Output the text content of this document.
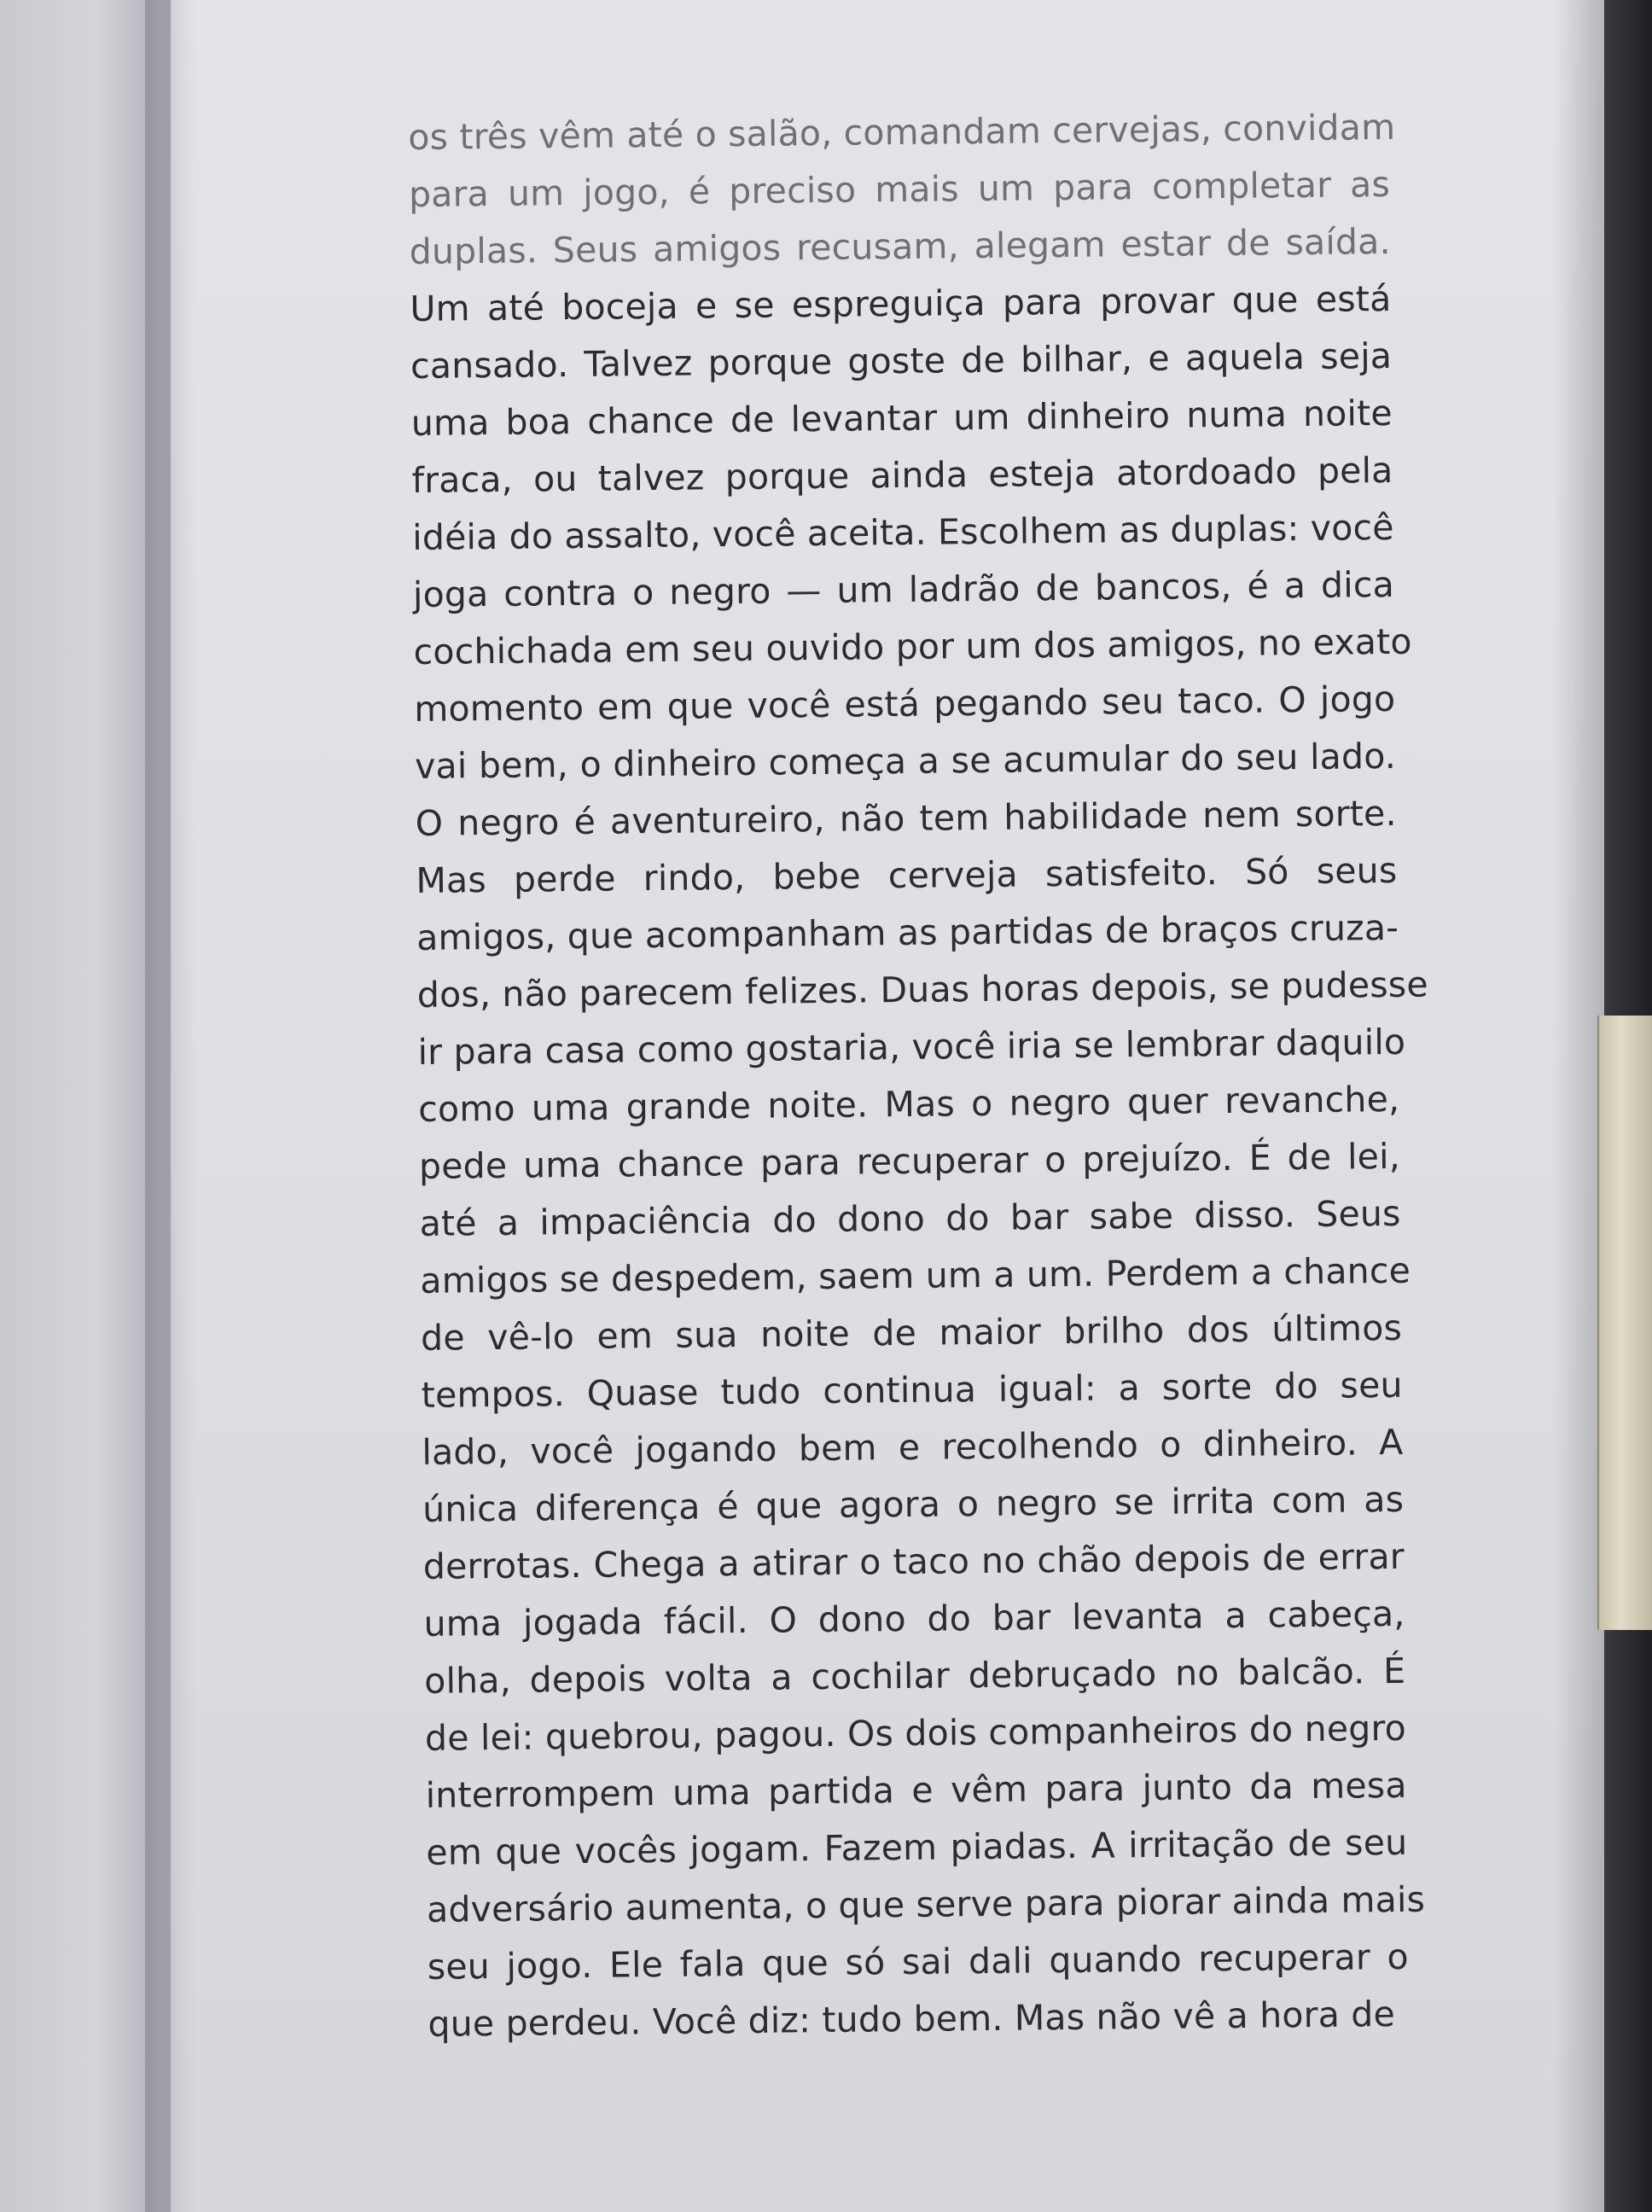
os três vêm até o salão, comandam cervejas, convidam
para um jogo, é preciso mais um para completar as
duplas. Seus amigos recusam, alegam estar de saída.
Um até boceja e se espreguiça para provar que está
cansado. Talvez porque goste de bilhar, e aquela seja
uma boa chance de levantar um dinheiro numa noite
fraca, ou talvez porque ainda esteja atordoado pela
idéia do assalto, você aceita. Escolhem as duplas: você
joga contra o negro — um ladrão de bancos, é a dica
cochichada em seu ouvido por um dos amigos, no exato
momento em que você está pegando seu taco. O jogo
vai bem, o dinheiro começa a se acumular do seu lado.
O negro é aventureiro, não tem habilidade nem sorte.
Mas perde rindo, bebe cerveja satisfeito. Só seus
amigos, que acompanham as partidas de braços cruza-
dos, não parecem felizes. Duas horas depois, se pudesse
ir para casa como gostaria, você iria se lembrar daquilo
como uma grande noite. Mas o negro quer revanche,
pede uma chance para recuperar o prejuízo. É de lei,
até a impaciência do dono do bar sabe disso. Seus
amigos se despedem, saem um a um. Perdem a chance
de vê-lo em sua noite de maior brilho dos últimos
tempos. Quase tudo continua igual: a sorte do seu
lado, você jogando bem e recolhendo o dinheiro. A
única diferença é que agora o negro se irrita com as
derrotas. Chega a atirar o taco no chão depois de errar
uma jogada fácil. O dono do bar levanta a cabeça,
olha, depois volta a cochilar debruçado no balcão. É
de lei: quebrou, pagou. Os dois companheiros do negro
interrompem uma partida e vêm para junto da mesa
em que vocês jogam. Fazem piadas. A irritação de seu
adversário aumenta, o que serve para piorar ainda mais
seu jogo. Ele fala que só sai dali quando recuperar o
que perdeu. Você diz: tudo bem. Mas não vê a hora de
